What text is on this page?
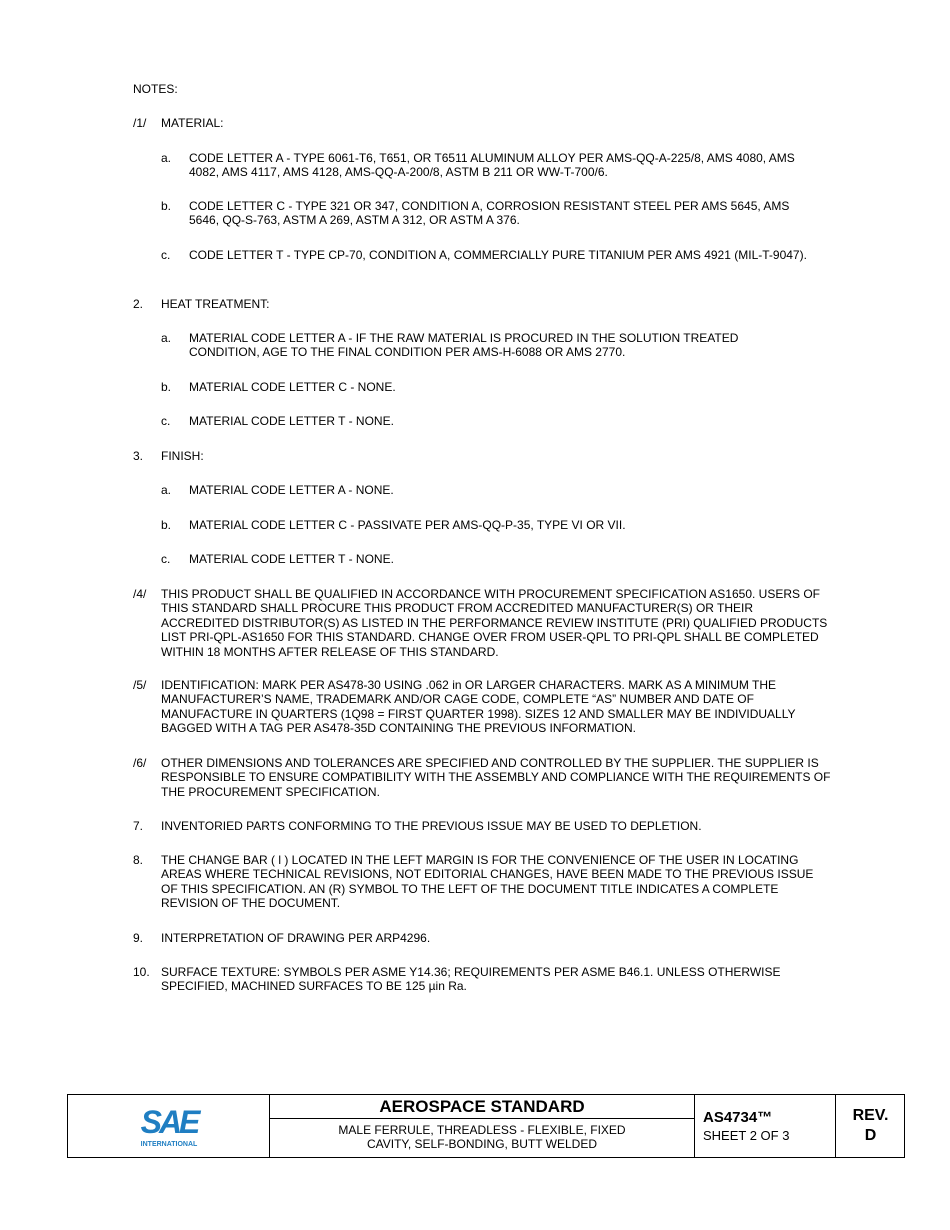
NOTES:
/1/ MATERIAL:
a. CODE LETTER A - TYPE 6061-T6, T651, OR T6511 ALUMINUM ALLOY PER AMS-QQ-A-225/8, AMS 4080, AMS 4082, AMS 4117, AMS 4128, AMS-QQ-A-200/8, ASTM B 211 OR WW-T-700/6.
b. CODE LETTER C - TYPE 321 OR 347, CONDITION A, CORROSION RESISTANT STEEL PER AMS 5645, AMS 5646, QQ-S-763, ASTM A 269, ASTM A 312, OR ASTM A 376.
c. CODE LETTER T - TYPE CP-70, CONDITION A, COMMERCIALLY PURE TITANIUM PER AMS 4921 (MIL-T-9047).
2. HEAT TREATMENT:
a. MATERIAL CODE LETTER A - IF THE RAW MATERIAL IS PROCURED IN THE SOLUTION TREATED CONDITION, AGE TO THE FINAL CONDITION PER AMS-H-6088 OR AMS 2770.
b. MATERIAL CODE LETTER C - NONE.
c. MATERIAL CODE LETTER T - NONE.
3. FINISH:
a. MATERIAL CODE LETTER A - NONE.
b. MATERIAL CODE LETTER C - PASSIVATE PER AMS-QQ-P-35, TYPE VI OR VII.
c. MATERIAL CODE LETTER T - NONE.
/4/ THIS PRODUCT SHALL BE QUALIFIED IN ACCORDANCE WITH PROCUREMENT SPECIFICATION AS1650. USERS OF THIS STANDARD SHALL PROCURE THIS PRODUCT FROM ACCREDITED MANUFACTURER(S) OR THEIR ACCREDITED DISTRIBUTOR(S) AS LISTED IN THE PERFORMANCE REVIEW INSTITUTE (PRI) QUALIFIED PRODUCTS LIST PRI-QPL-AS1650 FOR THIS STANDARD. CHANGE OVER FROM USER-QPL TO PRI-QPL SHALL BE COMPLETED WITHIN 18 MONTHS AFTER RELEASE OF THIS STANDARD.
/5/ IDENTIFICATION: MARK PER AS478-30 USING .062 in OR LARGER CHARACTERS. MARK AS A MINIMUM THE MANUFACTURER’S NAME, TRADEMARK AND/OR CAGE CODE, COMPLETE “AS” NUMBER AND DATE OF MANUFACTURE IN QUARTERS (1Q98 = FIRST QUARTER 1998). SIZES 12 AND SMALLER MAY BE INDIVIDUALLY BAGGED WITH A TAG PER AS478-35D CONTAINING THE PREVIOUS INFORMATION.
/6/ OTHER DIMENSIONS AND TOLERANCES ARE SPECIFIED AND CONTROLLED BY THE SUPPLIER. THE SUPPLIER IS RESPONSIBLE TO ENSURE COMPATIBILITY WITH THE ASSEMBLY AND COMPLIANCE WITH THE REQUIREMENTS OF THE PROCUREMENT SPECIFICATION.
7. INVENTORIED PARTS CONFORMING TO THE PREVIOUS ISSUE MAY BE USED TO DEPLETION.
8. THE CHANGE BAR ( l ) LOCATED IN THE LEFT MARGIN IS FOR THE CONVENIENCE OF THE USER IN LOCATING AREAS WHERE TECHNICAL REVISIONS, NOT EDITORIAL CHANGES, HAVE BEEN MADE TO THE PREVIOUS ISSUE OF THIS SPECIFICATION. AN (R) SYMBOL TO THE LEFT OF THE DOCUMENT TITLE INDICATES A COMPLETE REVISION OF THE DOCUMENT.
9. INTERPRETATION OF DRAWING PER ARP4296.
10. SURFACE TEXTURE: SYMBOLS PER ASME Y14.36; REQUIREMENTS PER ASME B46.1. UNLESS OTHERWISE SPECIFIED, MACHINED SURFACES TO BE 125 µin Ra.
SAE
INTERNATIONAL
AEROSPACE STANDARD
MALE FERRULE, THREADLESS - FLEXIBLE, FIXED
CAVITY, SELF-BONDING, BUTT WELDED
AS4734™
SHEET 2 OF 3
REV.
D
